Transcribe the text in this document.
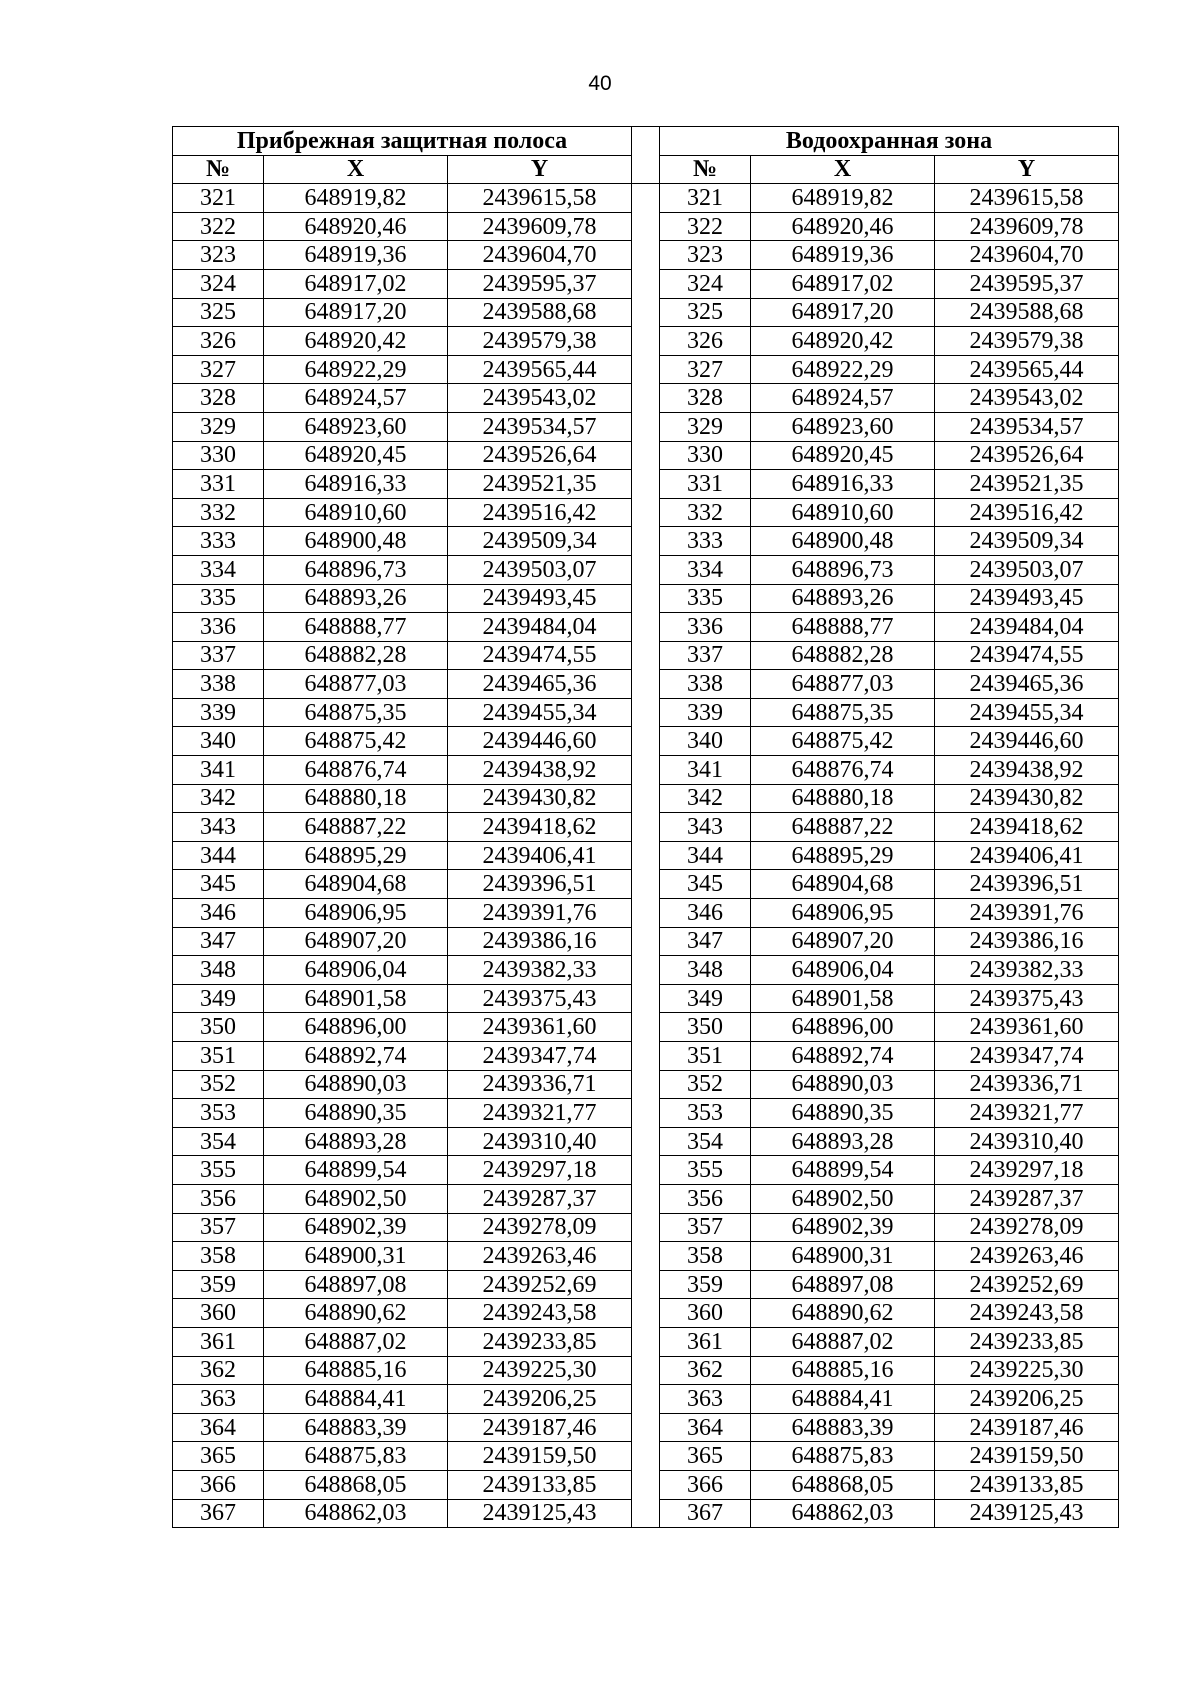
40
Прибрежная защитная полоса				Водоохранная зона		
№	X	Y		№	X	Y
321	648919,82	2439615,58		321	648919,82	2439615,58
322	648920,46	2439609,78		322	648920,46	2439609,78
323	648919,36	2439604,70		323	648919,36	2439604,70
324	648917,02	2439595,37		324	648917,02	2439595,37
325	648917,20	2439588,68		325	648917,20	2439588,68
326	648920,42	2439579,38		326	648920,42	2439579,38
327	648922,29	2439565,44		327	648922,29	2439565,44
328	648924,57	2439543,02		328	648924,57	2439543,02
329	648923,60	2439534,57		329	648923,60	2439534,57
330	648920,45	2439526,64		330	648920,45	2439526,64
331	648916,33	2439521,35		331	648916,33	2439521,35
332	648910,60	2439516,42		332	648910,60	2439516,42
333	648900,48	2439509,34		333	648900,48	2439509,34
334	648896,73	2439503,07		334	648896,73	2439503,07
335	648893,26	2439493,45		335	648893,26	2439493,45
336	648888,77	2439484,04		336	648888,77	2439484,04
337	648882,28	2439474,55		337	648882,28	2439474,55
338	648877,03	2439465,36		338	648877,03	2439465,36
339	648875,35	2439455,34		339	648875,35	2439455,34
340	648875,42	2439446,60		340	648875,42	2439446,60
341	648876,74	2439438,92		341	648876,74	2439438,92
342	648880,18	2439430,82		342	648880,18	2439430,82
343	648887,22	2439418,62		343	648887,22	2439418,62
344	648895,29	2439406,41		344	648895,29	2439406,41
345	648904,68	2439396,51		345	648904,68	2439396,51
346	648906,95	2439391,76		346	648906,95	2439391,76
347	648907,20	2439386,16		347	648907,20	2439386,16
348	648906,04	2439382,33		348	648906,04	2439382,33
349	648901,58	2439375,43		349	648901,58	2439375,43
350	648896,00	2439361,60		350	648896,00	2439361,60
351	648892,74	2439347,74		351	648892,74	2439347,74
352	648890,03	2439336,71		352	648890,03	2439336,71
353	648890,35	2439321,77		353	648890,35	2439321,77
354	648893,28	2439310,40		354	648893,28	2439310,40
355	648899,54	2439297,18		355	648899,54	2439297,18
356	648902,50	2439287,37		356	648902,50	2439287,37
357	648902,39	2439278,09		357	648902,39	2439278,09
358	648900,31	2439263,46		358	648900,31	2439263,46
359	648897,08	2439252,69		359	648897,08	2439252,69
360	648890,62	2439243,58		360	648890,62	2439243,58
361	648887,02	2439233,85		361	648887,02	2439233,85
362	648885,16	2439225,30		362	648885,16	2439225,30
363	648884,41	2439206,25		363	648884,41	2439206,25
364	648883,39	2439187,46		364	648883,39	2439187,46
365	648875,83	2439159,50		365	648875,83	2439159,50
366	648868,05	2439133,85		366	648868,05	2439133,85
367	648862,03	2439125,43		367	648862,03	2439125,43
